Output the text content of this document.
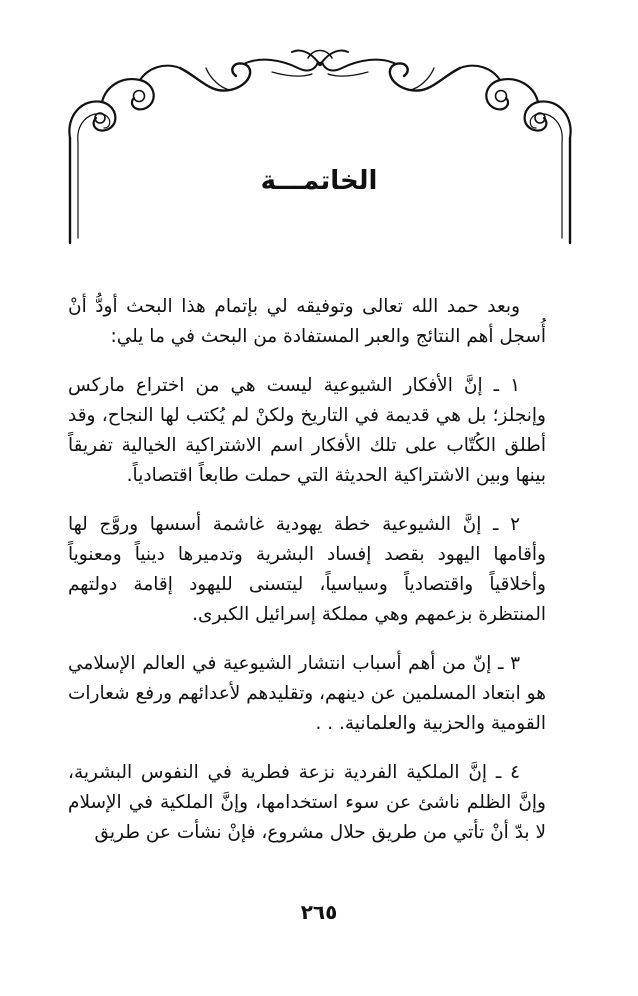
الخاتمـــة

وبعد حمد الله تعالى وتوفيقه لي بإتمام هذا البحث أودُّ أنْ أُسجل أهم النتائج والعبر المستفادة من البحث في ما يلي:

١ ـ إنَّ الأفكار الشيوعية ليست هي من اختراع ماركس وإنجلز؛ بل هي قديمة في التاريخ ولكنْ لم يُكتب لها النجاح، وقد أطلق الكُتّاب على تلك الأفكار اسم الاشتراكية الخيالية تفريقاً بينها وبين الاشتراكية الحديثة التي حملت طابعاً اقتصادياً.

٢ ـ إنَّ الشيوعية خطة يهودية غاشمة أسسها وروَّج لها وأقامها اليهود بقصد إفساد البشرية وتدميرها دينياً ومعنوياً وأخلاقياً واقتصادياً وسياسياً، ليتسنى لليهود إقامة دولتهم المنتظرة بزعمهم وهي مملكة إسرائيل الكبرى.

٣ ـ إنّ من أهم أسباب انتشار الشيوعية في العالم الإسلامي هو ابتعاد المسلمين عن دينهم، وتقليدهم لأعدائهم ورفع شعارات القومية والحزبية والعلمانية. . .

٤ ـ إنَّ الملكية الفردية نزعة فطرية في النفوس البشرية، وإنَّ الظلم ناشئ عن سوء استخدامها، وإنَّ الملكية في الإسلام لا بدّ أنْ تأتي من طريق حلال مشروع، فإنْ نشأت عن طريق

٢٦٥
